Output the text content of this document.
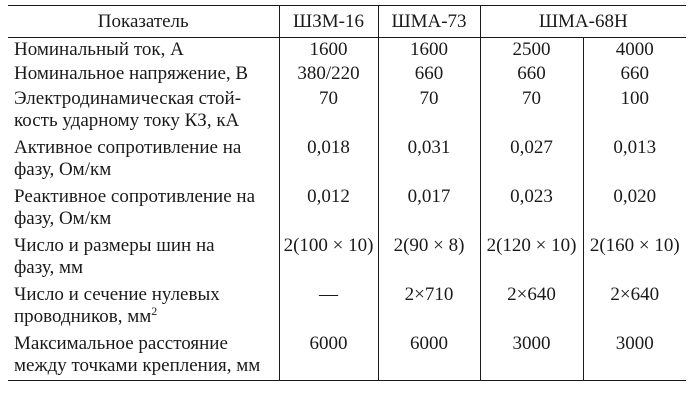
Показатель	ШЗМ-16	ШМА-73	ШМА-68Н	
Номинальный ток, А	1600	1600	2500	4000
Номинальное напряжение, В	380/220	660	660	660

Электродинамическая стой-
кость ударному току КЗ, кА	70	70	70	100

Активное сопротивление на
фазу, Ом/км	0,018	0,031	0,027	0,013

Реактивное сопротивление на
фазу, Ом/км	0,012	0,017	0,023	0,020

Число и размеры шин на
фазу, мм	2(100 × 10)	2(90 × 8)	2(120 × 10)	2(160 × 10)

Число и сечение нулевых
проводников, $мм^2$	—	2×710	2×640	2×640

Максимальное расстояние
между точками крепления, мм	6000	6000	3000	3000
